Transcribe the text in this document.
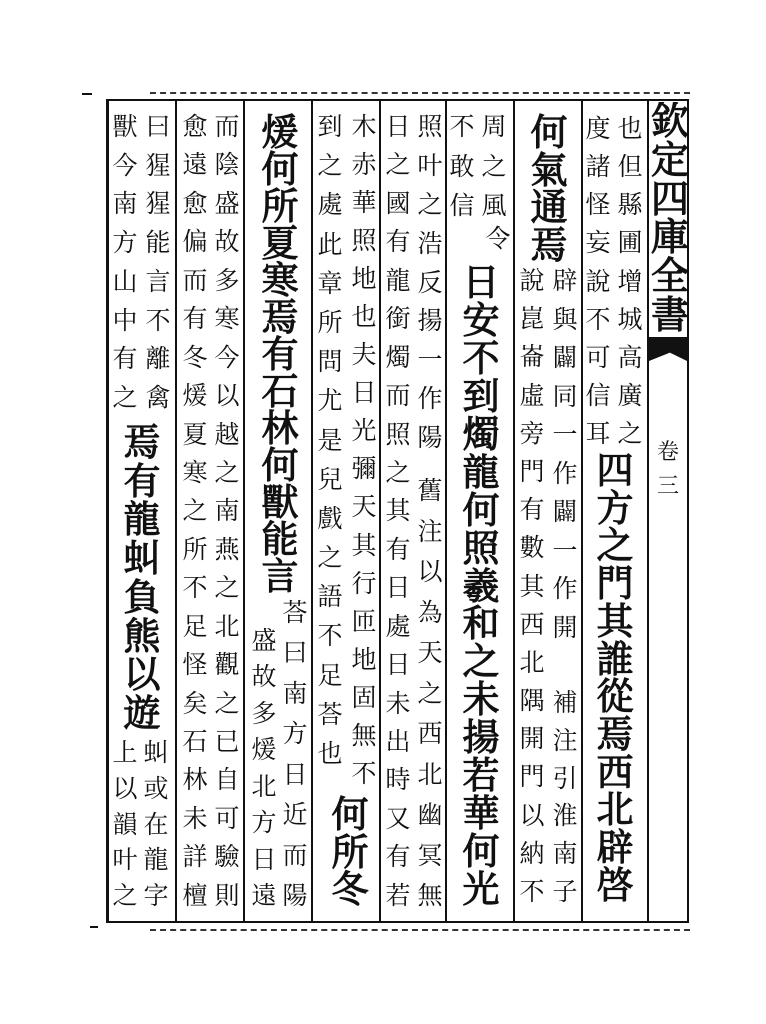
欽
定
四
庫
全
書
卷
三
也
但
縣
圃
增
城
高
廣
之
度
諸
怪
妄
說
不
可
信
耳
四
方
之
門
其
誰
從
焉
西
北
辟
啓
何
氣
通
焉
辟
與
闢
同
一
作
闢
一
作
開
補
注
引
淮
南
子
說
崑
崙
虛
旁
門
有
數
其
西
北
隅
開
門
以
納
不
周
之
風
令
不
敢
信
日
安
不
到
燭
龍
何
照
羲
和
之
未
揚
若
華
何
光
照
叶
之
浩
反
揚
一
作
陽
舊
注
以
為
天
之
西
北
幽
冥
無
日
之
國
有
龍
銜
燭
而
照
之
其
有
日
處
日
未
出
時
又
有
若
木
赤
華
照
地
也
夫
日
光
彌
天
其
行
匝
地
固
無
不
到
之
處
此
章
所
問
尤
是
兒
戲
之
語
不
足
荅
也
何
所
冬
煖
何
所
夏
寒
焉
有
石
林
何
獸
能
言
荅
曰
南
方
日
近
而
陽
盛
故
多
煖
北
方
日
遠
而
陰
盛
故
多
寒
今
以
越
之
南
燕
之
北
觀
之
已
自
可
驗
則
愈
遠
愈
偏
而
有
冬
煖
夏
寒
之
所
不
足
怪
矣
石
林
未
詳
檀
曰
猩
猩
能
言
不
離
禽
獸
今
南
方
山
中
有
之
焉
有
龍
虯
負
熊
以
遊
虯
或
在
龍
字
上
以
韻
叶
之
